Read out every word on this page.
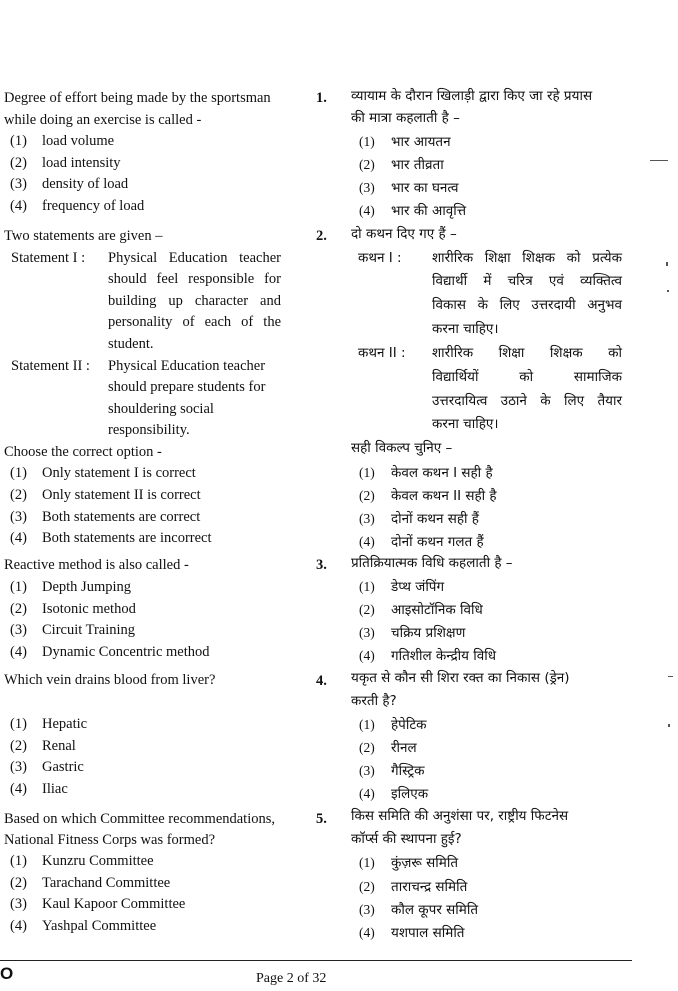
Degree of effort being made by the sportsman
while doing an exercise is called -
(1) load volume
(2) load intensity
(3) density of load
(4) frequency of load
1. व्यायाम के दौरान खिलाड़ी द्वारा किए जा रहे प्रयास
की मात्रा कहलाती है –
(1) भार आयतन
(2) भार तीव्रता
(3) भार का घनत्व
(4) भार की आवृत्ति
Two statements are given –
Statement I : Physical Education teacher
should feel responsible for
building up character and
personality of each of the
student.
Statement II : Physical Education teacher
should prepare students for
shouldering social
responsibility.
Choose the correct option -
(1) Only statement I is correct
(2) Only statement II is correct
(3) Both statements are correct
(4) Both statements are incorrect
2. दो कथन दिए गए हैं –
कथन I : शारीरिक शिक्षा शिक्षक को प्रत्येक
विद्यार्थी में चरित्र एवं व्यक्तित्व
विकास के लिए उत्तरदायी अनुभव
करना चाहिए।
कथन II : शारीरिक शिक्षा शिक्षक को
विद्यार्थियों को सामाजिक
उत्तरदायित्व उठाने के लिए तैयार
करना चाहिए।
सही विकल्प चुनिए –
(1) केवल कथन I सही है
(2) केवल कथन II सही है
(3) दोनों कथन सही हैं
(4) दोनों कथन गलत हैं
Reactive method is also called -
(1) Depth Jumping
(2) Isotonic method
(3) Circuit Training
(4) Dynamic Concentric method
3. प्रतिक्रियात्मक विधि कहलाती है –
(1) डेप्थ जंपिंग
(2) आइसोटॉनिक विधि
(3) चक्रिय प्रशिक्षण
(4) गतिशील केन्द्रीय विधि
Which vein drains blood from liver?
(1) Hepatic
(2) Renal
(3) Gastric
(4) Iliac
4. यकृत से कौन सी शिरा रक्त का निकास (ड्रेन)
करती है?
(1) हेपेटिक
(2) रीनल
(3) गैस्ट्रिक
(4) इलिएक
Based on which Committee recommendations,
National Fitness Corps was formed?
(1) Kunzru Committee
(2) Tarachand Committee
(3) Kaul Kapoor Committee
(4) Yashpal Committee
5. किस समिति की अनुशंसा पर, राष्ट्रीय फिटनेस
कॉर्प्स की स्थापना हुई?
(1) कुंज़रू समिति
(2) ताराचन्द्र समिति
(3) कौल कूपर समिति
(4) यशपाल समिति
O	Page 2 of 32
